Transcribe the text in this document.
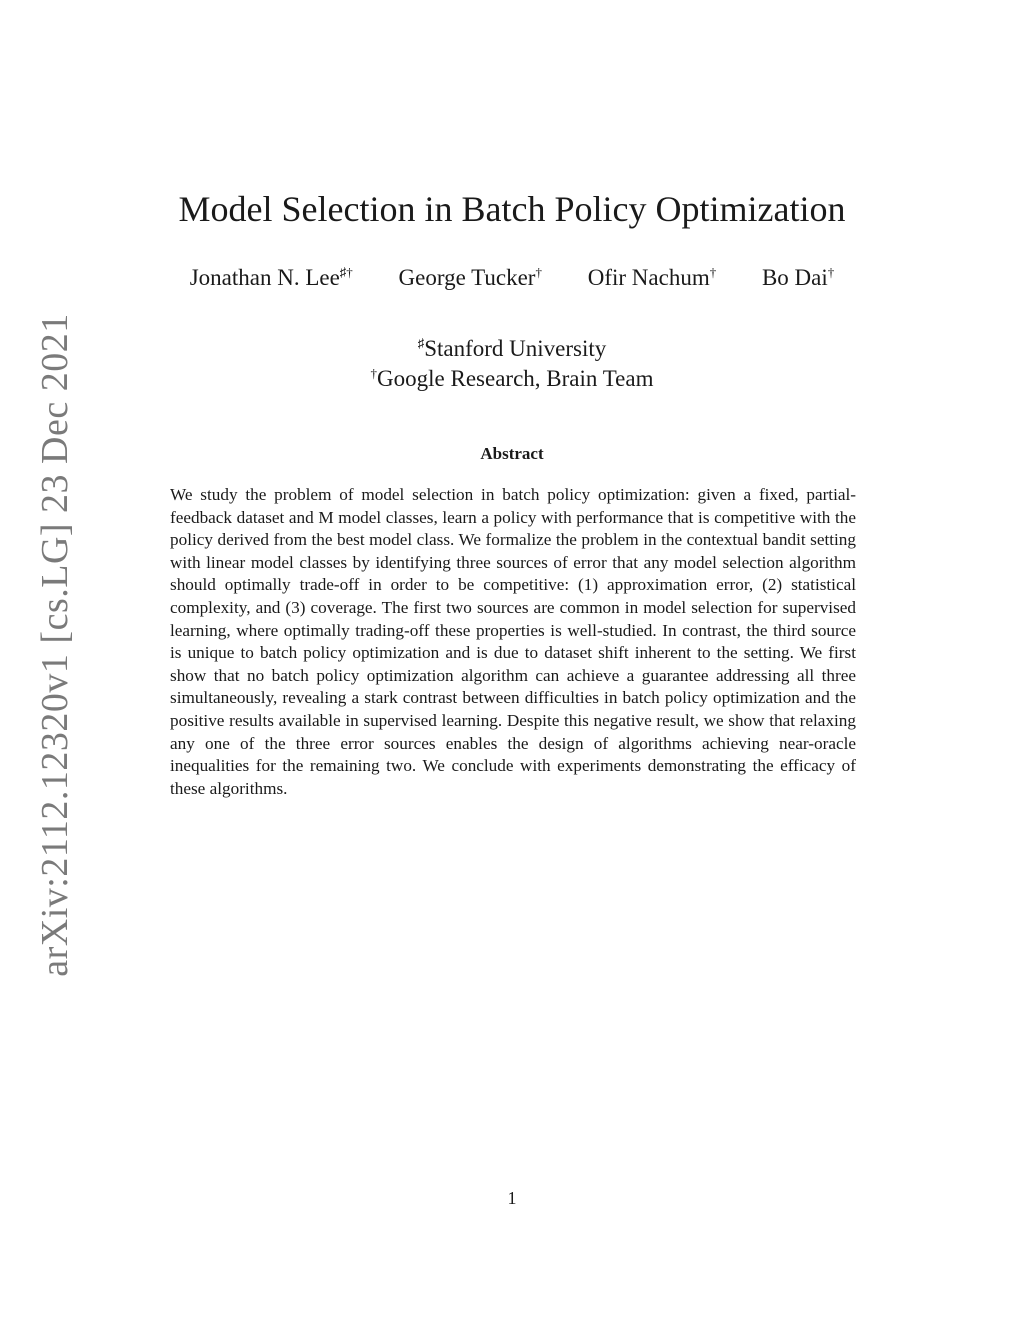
arXiv:2112.12320v1 [cs.LG] 23 Dec 2021
Model Selection in Batch Policy Optimization
Jonathan N. Lee♯† George Tucker† Ofir Nachum† Bo Dai†
♯Stanford University
†Google Research, Brain Team
Abstract

We study the problem of model selection in batch policy optimization: given a fixed, partial-feedback dataset and M model classes, learn a policy with performance that is competitive with the policy derived from the best model class. We formalize the problem in the contextual bandit setting with linear model classes by identifying three sources of error that any model selection algorithm should optimally trade-off in order to be competitive: (1) approximation error, (2) statistical complexity, and (3) coverage. The first two sources are common in model selection for supervised learning, where optimally trading-off these properties is well-studied. In contrast, the third source is unique to batch policy optimization and is due to dataset shift inherent to the setting. We first show that no batch policy optimization algorithm can achieve a guarantee addressing all three simultaneously, revealing a stark contrast between difficulties in batch policy optimization and the positive results available in supervised learning. Despite this negative result, we show that relaxing any one of the three error sources enables the design of algorithms achieving near-oracle inequalities for the remaining two. We conclude with experiments demonstrating the efficacy of these algorithms.

1
